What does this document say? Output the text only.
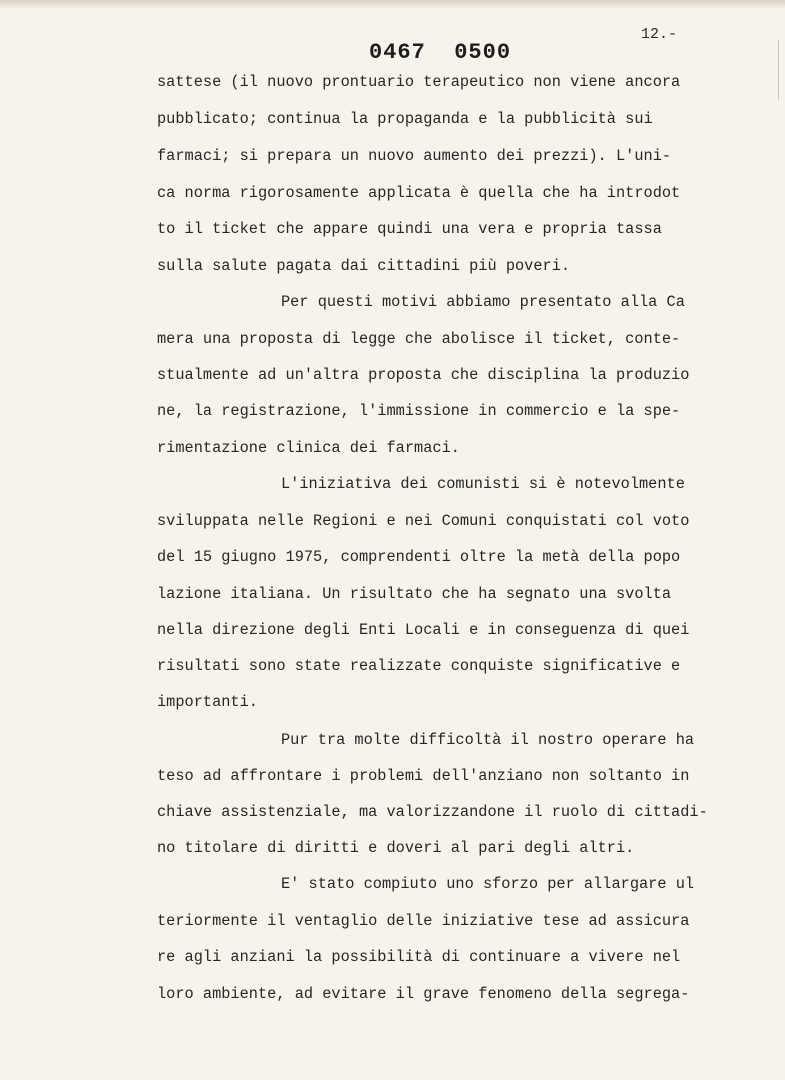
0467  0500
12.-
sattese (il nuovo prontuario terapeutico non viene ancora
pubblicato; continua la propaganda e la pubblicità sui
farmaci; si prepara un nuovo aumento dei prezzi). L'uni-
ca norma rigorosamente applicata è quella che ha introdot
to il ticket che appare quindi una vera e propria tassa
sulla salute pagata dai cittadini più poveri.
Per questi motivi abbiamo presentato alla Ca
mera una proposta di legge che abolisce il ticket, conte-
stualmente ad un'altra proposta che disciplina la produzio
ne, la registrazione, l'immissione in commercio e la spe-
rimentazione clinica dei farmaci.
L'iniziativa dei comunisti si è notevolmente
sviluppata nelle Regioni e nei Comuni conquistati col voto
del 15 giugno 1975, comprendenti oltre la metà della popo
lazione italiana. Un risultato che ha segnato una svolta
nella direzione degli Enti Locali e in conseguenza di quei
risultati sono state realizzate conquiste significative e
importanti.
Pur tra molte difficoltà il nostro operare ha
teso ad affrontare i problemi dell'anziano non soltanto in
chiave assistenziale, ma valorizzandone il ruolo di cittadi-
no titolare di diritti e doveri al pari degli altri.
E' stato compiuto uno sforzo per allargare ul
teriormente il ventaglio delle iniziative tese ad assicura
re agli anziani la possibilità di continuare a vivere nel
loro ambiente, ad evitare il grave fenomeno della segrega-
